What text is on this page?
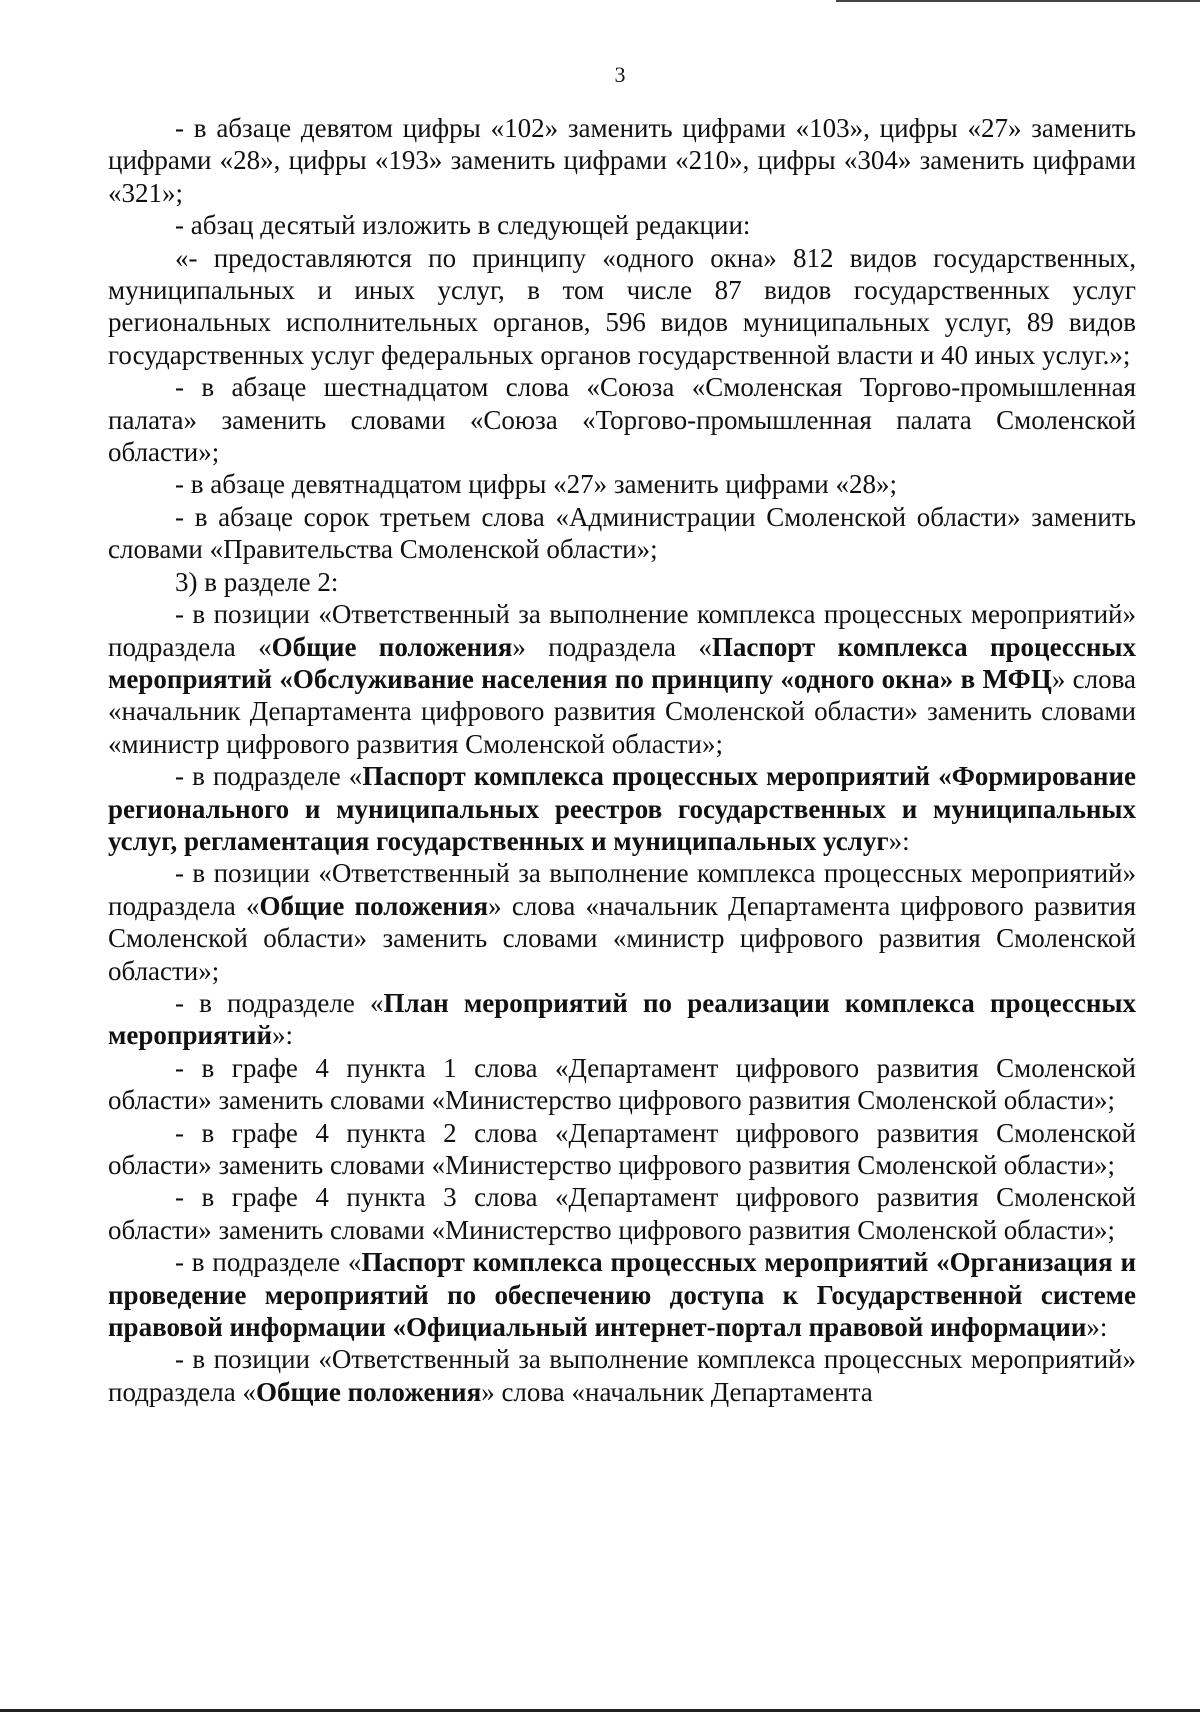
3

- в абзаце девятом цифры «102» заменить цифрами «103», цифры «27» заменить цифрами «28», цифры «193» заменить цифрами «210», цифры «304» заменить цифрами «321»;

- абзац десятый изложить в следующей редакции:

«- предоставляются по принципу «одного окна» 812 видов государственных, муниципальных и иных услуг, в том числе 87 видов государственных услуг региональных исполнительных органов, 596 видов муниципальных услуг, 89 видов государственных услуг федеральных органов государственной власти и 40 иных услуг.»;

- в абзаце шестнадцатом слова «Союза «Смоленская Торгово-промышленная палата» заменить словами «Союза «Торгово-промышленная палата Смоленской области»;

- в абзаце девятнадцатом цифры «27» заменить цифрами «28»;

- в абзаце сорок третьем слова «Администрации Смоленской области» заменить словами «Правительства Смоленской области»;

3) в разделе 2:

- в позиции «Ответственный за выполнение комплекса процессных мероприятий» подраздела «Общие положения» подраздела «Паспорт комплекса процессных мероприятий «Обслуживание населения по принципу «одного окна» в МФЦ» слова «начальник Департамента цифрового развития Смоленской области» заменить словами «министр цифрового развития Смоленской области»;

- в подразделе «Паспорт комплекса процессных мероприятий «Формирование регионального и муниципальных реестров государственных и муниципальных услуг, регламентация государственных и муниципальных услуг»:

- в позиции «Ответственный за выполнение комплекса процессных мероприятий» подраздела «Общие положения» слова «начальник Департамента цифрового развития Смоленской области» заменить словами «министр цифрового развития Смоленской области»;

- в подразделе «План мероприятий по реализации комплекса процессных мероприятий»:

- в графе 4 пункта 1 слова «Департамент цифрового развития Смоленской области» заменить словами «Министерство цифрового развития Смоленской области»;

- в графе 4 пункта 2 слова «Департамент цифрового развития Смоленской области» заменить словами «Министерство цифрового развития Смоленской области»;

- в графе 4 пункта 3 слова «Департамент цифрового развития Смоленской области» заменить словами «Министерство цифрового развития Смоленской области»;

- в подразделе «Паспорт комплекса процессных мероприятий «Организация и проведение мероприятий по обеспечению доступа к Государственной системе правовой информации «Официальный интернет-портал правовой информации»:

- в позиции «Ответственный за выполнение комплекса процессных мероприятий» подраздела «Общие положения» слова «начальник Департамента
